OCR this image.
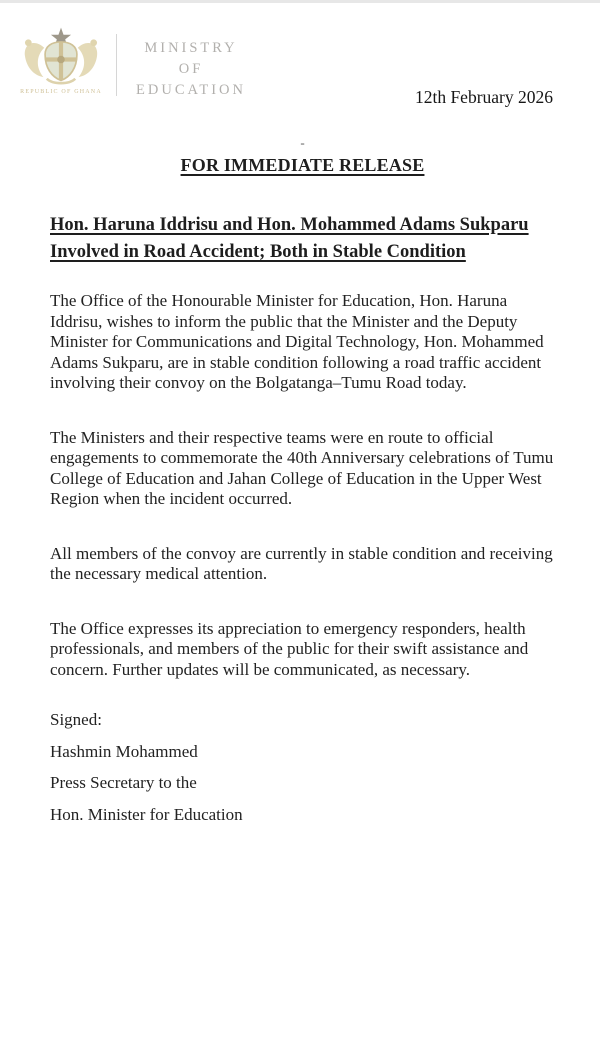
REPUBLIC OF GHANA
MINISTRY
OF
EDUCATION	12th February 2026
-
FOR IMMEDIATE RELEASE
Hon. Haruna Iddrisu and Hon. Mohammed Adams Sukparu
Involved in Road Accident; Both in Stable Condition

The Office of the Honourable Minister for Education, Hon. Haruna Iddrisu, wishes to inform the public that the Minister and the Deputy Minister for Communications and Digital Technology, Hon. Mohammed Adams Sukparu, are in stable condition following a road traffic accident involving their convoy on the Bolgatanga–Tumu Road today.

The Ministers and their respective teams were en route to official engagements to commemorate the 40th Anniversary celebrations of Tumu College of Education and Jahan College of Education in the Upper West Region when the incident occurred.

All members of the convoy are currently in stable condition and receiving the necessary medical attention.

The Office expresses its appreciation to emergency responders, health professionals, and members of the public for their swift assistance and concern. Further updates will be communicated, as necessary.

Signed:

Hashmin Mohammed

Press Secretary to the

Hon. Minister for Education
